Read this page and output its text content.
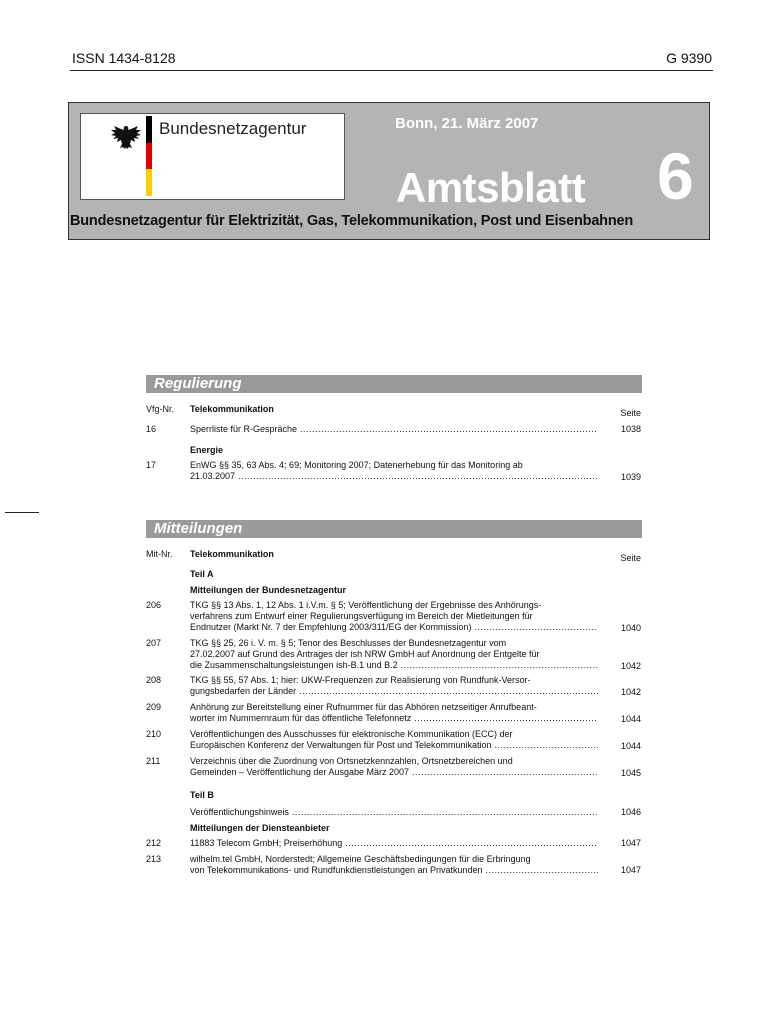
ISSN 1434-8128	G 9390
Bundesnetzagentur	Bonn, 21. März 2007
Amtsblatt 6
Bundesnetzagentur für Elektrizität, Gas, Telekommunikation, Post und Eisenbahnen
Regulierung
Vfg-Nr. Telekommunikation	Seite
16	Sperrliste für R-Gespräche .....	1038
Energie
17	EnWG §§ 35, 63 Abs. 4; 69; Monitoring 2007; Datenerhebung für das Monitoring ab
21.03.2007 .....	1039
Mitteilungen
Mit-Nr. Telekommunikation	Seite
Teil A
Mitteilungen der Bundesnetzagentur
206	TKG §§ 13 Abs. 1, 12 Abs. 1 i.V.m. § 5; Veröffentlichung der Ergebnisse des Anhörungs-
verfahrens zum Entwurf einer Regulierungsverfügung im Bereich der Mietleitungen für
Endnutzer (Markt Nr. 7 der Empfehlung 2003/311/EG der Kommission) .....	1040
207	TKG §§ 25, 26 i. V. m. § 5; Tenor des Beschlusses der Bundesnetzagentur vom
27.02.2007 auf Grund des Antrages der ish NRW GmbH auf Anordnung der Entgelte für
die Zusammenschaltungsleistungen ish-B.1 und B.2 .....	1042
208	TKG §§ 55, 57 Abs. 1; hier: UKW-Frequenzen zur Realisierung von Rundfunk-Versor-
gungsbedarfen der Länder .....	1042
209	Anhörung zur Bereitstellung einer Rufnummer für das Abhören netzseitiger Anrufbeant-
worter im Nummernraum für das öffentliche Telefonnetz .....	1044
210	Veröffentlichungen des Ausschusses für elektronische Kommunikation (ECC) der
Europäischen Konferenz der Verwaltungen für Post und Telekommunikation .....	1044
211	Verzeichnis über die Zuordnung von Ortsnetzkennzahlen, Ortsnetzbereichen und
Gemeinden – Veröffentlichung der Ausgabe März 2007 .....	1045
Teil B
Veröffentlichungshinweis .....	1046
Mitteilungen der Diensteanbieter
212	11883 Telecom GmbH; Preiserhöhung .....	1047
213	wilhelm.tel GmbH, Norderstedt; Allgemeine Geschäftsbedingungen für die Erbringung
von Telekommunikations- und Rundfunkdienstleistungen an Privatkunden .....	1047
